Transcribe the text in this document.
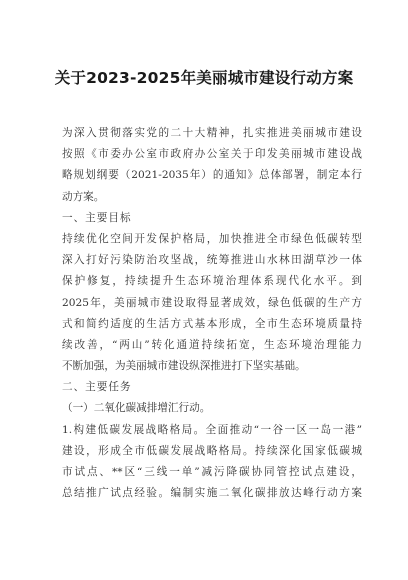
关于2023-2025年美丽城市建设行动方案
为深入贯彻落实党的二十大精神，扎实推进美丽城市建设
按照《市委办公室市政府办公室关于印发美丽城市建设战
略规划纲要（2021-2035年）的通知》总体部署，制定本行
动方案。
一、主要目标
持续优化空间开发保护格局，加快推进全市绿色低碳转型
深入打好污染防治攻坚战，统筹推进山水林田湖草沙一体
保护修复，持续提升生态环境治理体系现代化水平。到
2025年，美丽城市建设取得显著成效，绿色低碳的生产方
式和简约适度的生活方式基本形成，全市生态环境质量持
续改善，“两山”转化通道持续拓宽，生态环境治理能力
不断加强，为美丽城市建设纵深推进打下坚实基础。
二、主要任务
（一）二氧化碳减排增汇行动。
1.构建低碳发展战略格局。全面推动“一谷一区一岛一港”
建设，形成全市低碳发展战略格局。持续深化国家低碳城
市试点、**区“三线一单”减污降碳协同管控试点建设，
总结推广试点经验。编制实施二氧化碳排放达峰行动方案
